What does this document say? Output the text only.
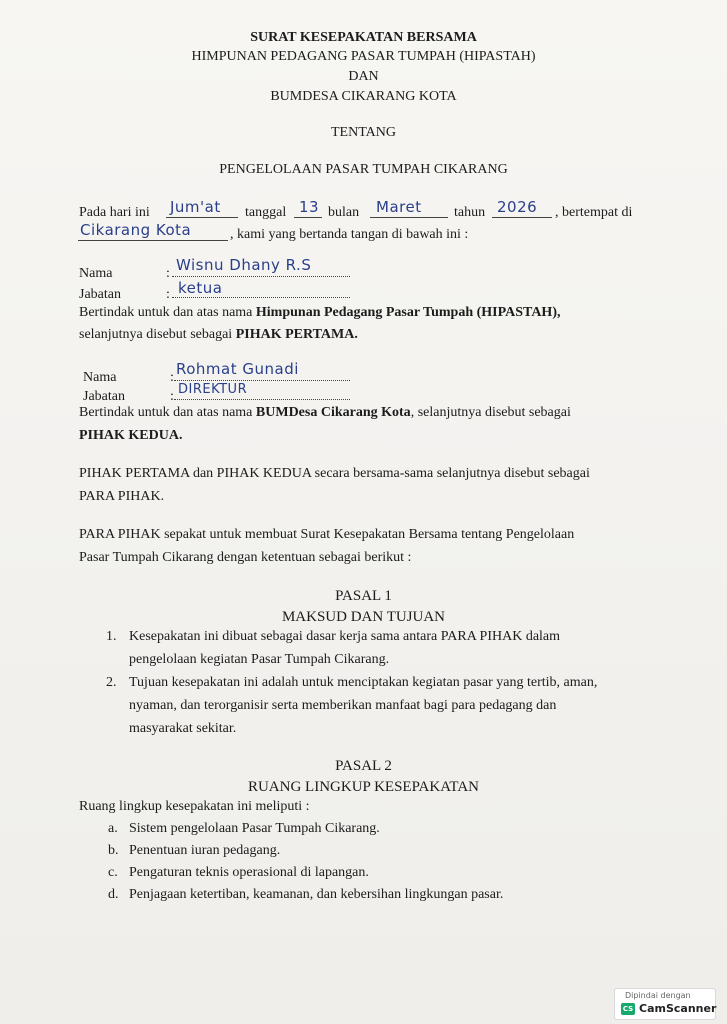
SURAT KESEPAKATAN BERSAMA
HIMPUNAN PEDAGANG PASAR TUMPAH (HIPASTAH)
DAN
BUMDESA CIKARANG KOTA
TENTANG
PENGELOLAAN PASAR TUMPAH CIKARANG
Pada hari ini Jum'at tanggal 13 bulan Maret tahun 2026 , bertempat di
Cikarang Kota	, kami yang bertanda tangan di bawah ini :
Nama	: Wisnu Dhany R.S
Jabatan	: ketua
Bertindak untuk dan atas nama Himpunan Pedagang Pasar Tumpah (HIPASTAH),
selanjutnya disebut sebagai PIHAK PERTAMA.
Nama	: Rohmat Gunadi
Jabatan	: DIREKTUR
Bertindak untuk dan atas nama BUMDesa Cikarang Kota, selanjutnya disebut sebagai
PIHAK KEDUA.
PIHAK PERTAMA dan PIHAK KEDUA secara bersama-sama selanjutnya disebut sebagai
PARA PIHAK.
PARA PIHAK sepakat untuk membuat Surat Kesepakatan Bersama tentang Pengelolaan
Pasar Tumpah Cikarang dengan ketentuan sebagai berikut :
PASAL 1
MAKSUD DAN TUJUAN
1. Kesepakatan ini dibuat sebagai dasar kerja sama antara PARA PIHAK dalam
pengelolaan kegiatan Pasar Tumpah Cikarang.
2. Tujuan kesepakatan ini adalah untuk menciptakan kegiatan pasar yang tertib, aman,
nyaman, dan terorganisir serta memberikan manfaat bagi para pedagang dan
masyarakat sekitar.
PASAL 2
RUANG LINGKUP KESEPAKATAN
Ruang lingkup kesepakatan ini meliputi :
a. Sistem pengelolaan Pasar Tumpah Cikarang.
b. Penentuan iuran pedagang.
c. Pengaturan teknis operasional di lapangan.
d. Penjagaan ketertiban, keamanan, dan kebersihan lingkungan pasar.
Dipindai dengan
CS CamScanner
